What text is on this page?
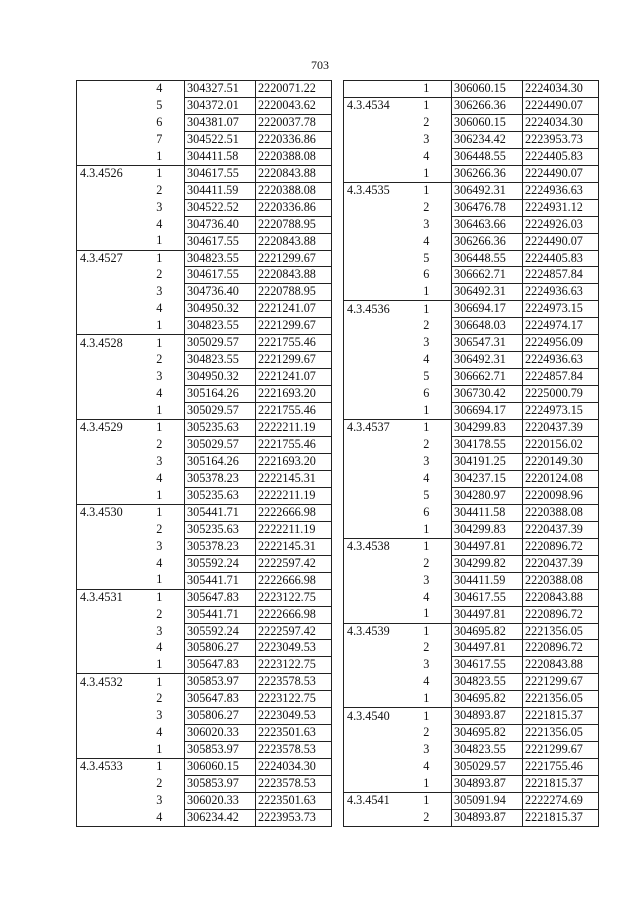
703
	4	304327.51	2220071.22
	5	304372.01	2220043.62
	6	304381.07	2220037.78
	7	304522.51	2220336.86
	1	304411.58	2220388.08
4.3.4526	1	304617.55	2220843.88
	2	304411.59	2220388.08
	3	304522.52	2220336.86
	4	304736.40	2220788.95
	1	304617.55	2220843.88
4.3.4527	1	304823.55	2221299.67
	2	304617.55	2220843.88
	3	304736.40	2220788.95
	4	304950.32	2221241.07
	1	304823.55	2221299.67
4.3.4528	1	305029.57	2221755.46
	2	304823.55	2221299.67
	3	304950.32	2221241.07
	4	305164.26	2221693.20
	1	305029.57	2221755.46
4.3.4529	1	305235.63	2222211.19
	2	305029.57	2221755.46
	3	305164.26	2221693.20
	4	305378.23	2222145.31
	1	305235.63	2222211.19
4.3.4530	1	305441.71	2222666.98
	2	305235.63	2222211.19
	3	305378.23	2222145.31
	4	305592.24	2222597.42
	1	305441.71	2222666.98
4.3.4531	1	305647.83	2223122.75
	2	305441.71	2222666.98
	3	305592.24	2222597.42
	4	305806.27	2223049.53
	1	305647.83	2223122.75
4.3.4532	1	305853.97	2223578.53
	2	305647.83	2223122.75
	3	305806.27	2223049.53
	4	306020.33	2223501.63
	1	305853.97	2223578.53
4.3.4533	1	306060.15	2224034.30
	2	305853.97	2223578.53
	3	306020.33	2223501.63
	4	306234.42	2223953.73
	1	306060.15	2224034.30
4.3.4534	1	306266.36	2224490.07
	2	306060.15	2224034.30
	3	306234.42	2223953.73
	4	306448.55	2224405.83
	1	306266.36	2224490.07
4.3.4535	1	306492.31	2224936.63
	2	306476.78	2224931.12
	3	306463.66	2224926.03
	4	306266.36	2224490.07
	5	306448.55	2224405.83
	6	306662.71	2224857.84
	1	306492.31	2224936.63
4.3.4536	1	306694.17	2224973.15
	2	306648.03	2224974.17
	3	306547.31	2224956.09
	4	306492.31	2224936.63
	5	306662.71	2224857.84
	6	306730.42	2225000.79
	1	306694.17	2224973.15
4.3.4537	1	304299.83	2220437.39
	2	304178.55	2220156.02
	3	304191.25	2220149.30
	4	304237.15	2220124.08
	5	304280.97	2220098.96
	6	304411.58	2220388.08
	1	304299.83	2220437.39
4.3.4538	1	304497.81	2220896.72
	2	304299.82	2220437.39
	3	304411.59	2220388.08
	4	304617.55	2220843.88
	1	304497.81	2220896.72
4.3.4539	1	304695.82	2221356.05
	2	304497.81	2220896.72
	3	304617.55	2220843.88
	4	304823.55	2221299.67
	1	304695.82	2221356.05
4.3.4540	1	304893.87	2221815.37
	2	304695.82	2221356.05
	3	304823.55	2221299.67
	4	305029.57	2221755.46
	1	304893.87	2221815.37
4.3.4541	1	305091.94	2222274.69
	2	304893.87	2221815.37
